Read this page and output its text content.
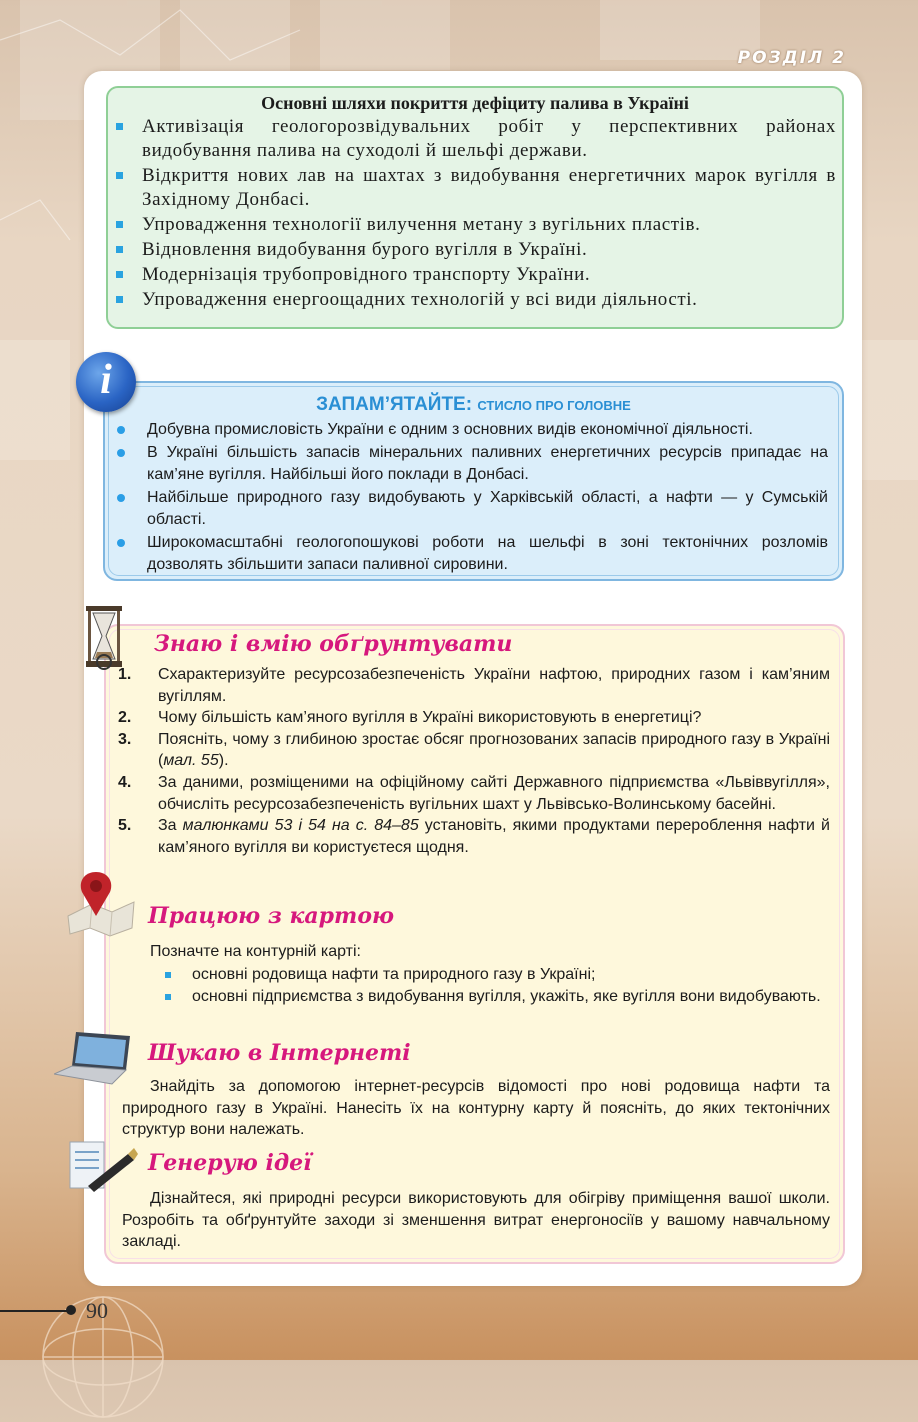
РОЗДІЛ 2
Основні шляхи покриття дефіциту палива в Україні
Активізація геологорозвідувальних робіт у перспективних районах видобування палива на суходолі й шельфі держави.
Відкриття нових лав на шахтах з видобування енергетичних марок вугілля в Західному Донбасі.
Упровадження технології вилучення метану з вугільних пластів.
Відновлення видобування бурого вугілля в Україні.
Модернізація трубопровідного транспорту України.
Упровадження енергоощадних технологій у всі види діяльності.
ЗАПАМ’ЯТАЙТЕ: СТИСЛО ПРО ГОЛОВНЕ
Добувна промисловість України є одним з основних видів економічної діяльності.
В Україні більшість запасів мінеральних паливних енергетичних ресурсів припадає на кам’яне вугілля. Найбільші його поклади в Донбасі.
Найбільше природного газу видобувають у Харківській області, а нафти — у Сумській області.
Широкомасштабні геологопошукові роботи на шельфі в зоні тектонічних розломів дозволять збільшити запаси паливної сировини.
i
Знаю і вмію обґрунтувати
1. Схарактеризуйте ресурсозабезпеченість України нафтою, природних газом і кам’яним вугіллям.
2. Чому більшість кам’яного вугілля в Україні використовують в енергетиці?
3. Поясніть, чому з глибиною зростає обсяг прогнозованих запасів природного газу в Україні (мал. 55).
4. За даними, розміщеними на офіційному сайті Державного підприємства «Львіввугілля», обчисліть ресурсозабезпеченість вугільних шахт у Львівсько-Волинському басейні.
5. За малюнками 53 і 54 на с. 84–85 установіть, якими продуктами перероблення нафти й кам’яного вугілля ви користуєтеся щодня.
Працюю з картою
Позначте на контурній карті:
основні родовища нафти та природного газу в Україні;
основні підприємства з видобування вугілля, укажіть, яке вугілля вони видобувають.
Шукаю в Інтернеті
Знайдіть за допомогою інтернет-ресурсів відомості про нові родовища нафти та природного газу в Україні. Нанесіть їх на контурну карту й поясніть, до яких тектонічних структур вони належать.
Генерую ідеї
Дізнайтеся, які природні ресурси використовують для обігріву приміщення вашої школи. Розробіть та обґрунтуйте заходи зі зменшення витрат енергоносіїв у вашому навчальному закладі.
90
